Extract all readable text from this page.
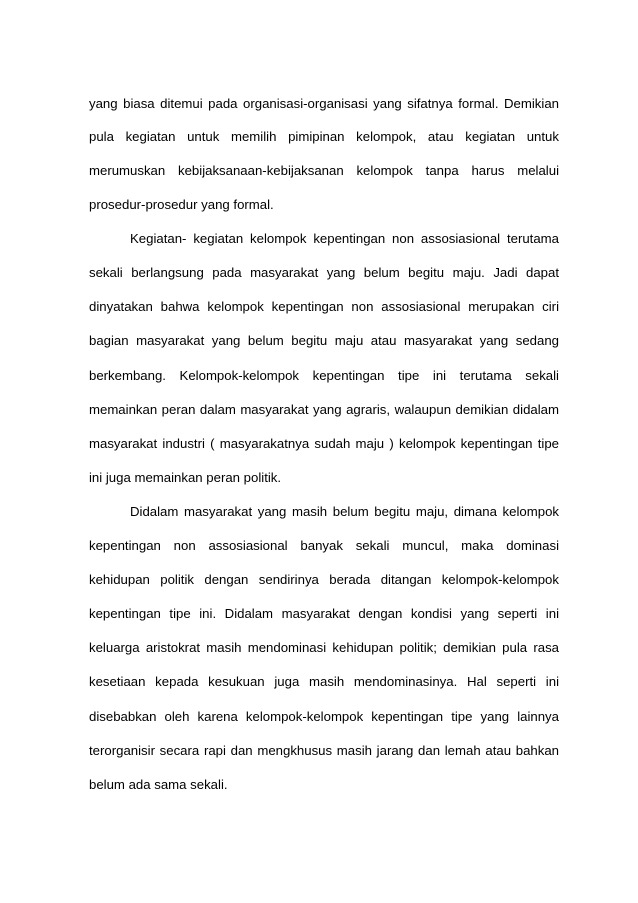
yang biasa ditemui pada organisasi-organisasi yang sifatnya formal. Demikian
pula kegiatan untuk memilih pimipinan kelompok, atau kegiatan untuk
merumuskan kebijaksanaan-kebijaksanan kelompok tanpa harus melalui
prosedur-prosedur yang formal.
Kegiatan- kegiatan kelompok kepentingan non assosiasional terutama
sekali berlangsung pada masyarakat yang belum begitu maju. Jadi dapat
dinyatakan bahwa kelompok kepentingan non assosiasional merupakan ciri
bagian masyarakat yang belum begitu maju atau masyarakat yang sedang
berkembang. Kelompok-kelompok kepentingan tipe ini terutama sekali
memainkan peran dalam masyarakat yang agraris, walaupun demikian didalam
masyarakat industri ( masyarakatnya sudah maju ) kelompok kepentingan tipe
ini juga memainkan peran politik.
Didalam masyarakat yang masih belum begitu maju, dimana kelompok
kepentingan non assosiasional banyak sekali muncul, maka dominasi
kehidupan politik dengan sendirinya berada ditangan kelompok-kelompok
kepentingan tipe ini. Didalam masyarakat dengan kondisi yang seperti ini
keluarga aristokrat masih mendominasi kehidupan politik; demikian pula rasa
kesetiaan kepada kesukuan juga masih mendominasinya. Hal seperti ini
disebabkan oleh karena kelompok-kelompok kepentingan tipe yang lainnya
terorganisir secara rapi dan mengkhusus masih jarang dan lemah atau bahkan
belum ada sama sekali.
